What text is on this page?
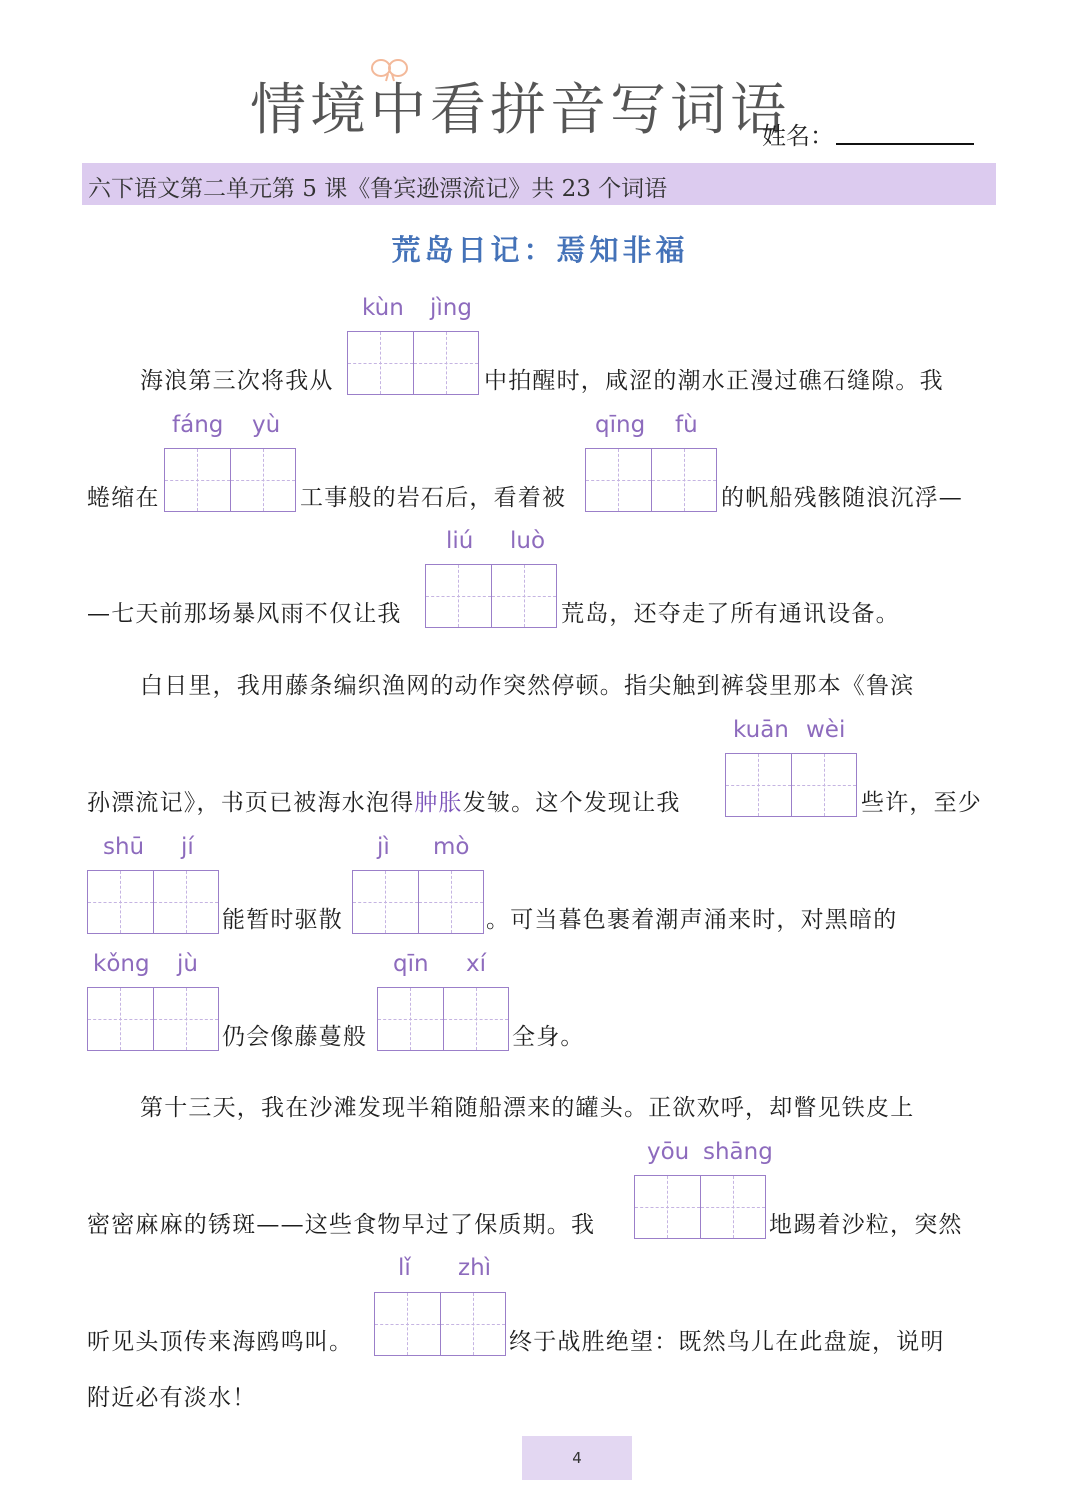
情境中看拼音写词语
姓名：
六下语文第二单元第 5 课《鲁宾逊漂流记》共 23 个词语
荒岛日记：焉知非福
海浪第三次将我从
kùn jìng
中拍醒时，咸涩的潮水正漫过礁石缝隙。我
蜷缩在
fáng yù
工事般的岩石后，看着被
qīng fù
的帆船残骸随浪沉浮—
—七天前那场暴风雨不仅让我
liú luò
荒岛，还夺走了所有通讯设备。
白日里，我用藤条编织渔网的动作突然停顿。指尖触到裤袋里那本《鲁滨
孙漂流记》，书页已被海水泡得肿胀发皱。这个发现让我
kuān wèi
些许，至少
shū jí
能暂时驱散
jì mò
。可当暮色裹着潮声涌来时，对黑暗的
kǒng jù
仍会像藤蔓般
qīn xí
全身。
第十三天，我在沙滩发现半箱随船漂来的罐头。正欲欢呼，却瞥见铁皮上
密密麻麻的锈斑——这些食物早过了保质期。我
yōu shāng
地踢着沙粒，突然
听见头顶传来海鸥鸣叫。
lǐ zhì
终于战胜绝望：既然鸟儿在此盘旋，说明
附近必有淡水！
4
